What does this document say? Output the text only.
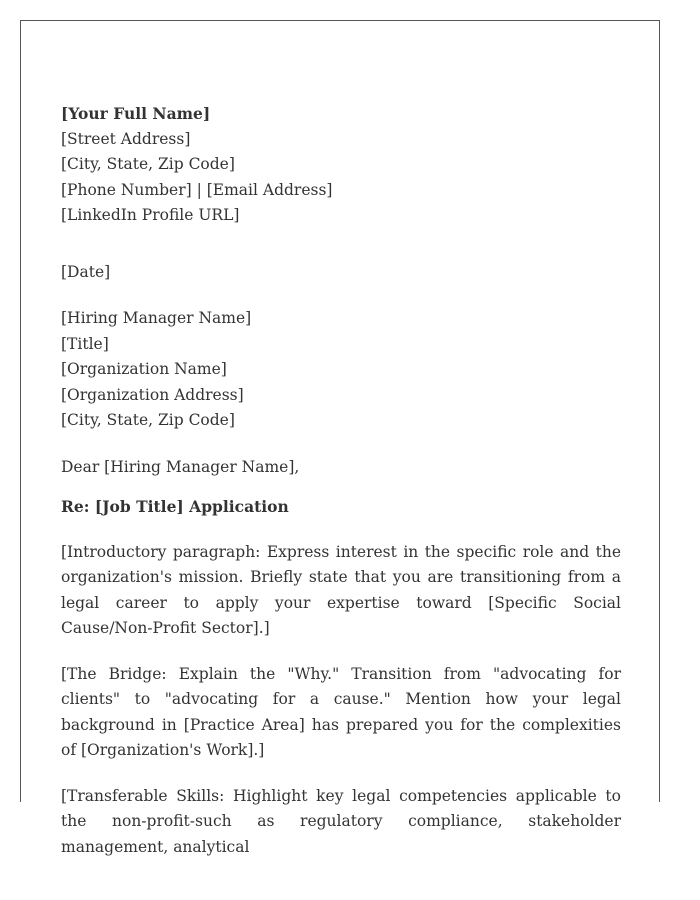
[Your Full Name]
[Street Address]
[City, State, Zip Code]
[Phone Number] | [Email Address]
[LinkedIn Profile URL]
[Date]
[Hiring Manager Name]
[Title]
[Organization Name]
[Organization Address]
[City, State, Zip Code]
Dear [Hiring Manager Name],
Re: [Job Title] Application

[Introductory paragraph: Express interest in the specific role and the organization's mission. Briefly state that you are transitioning from a legal career to apply your expertise toward [Specific Social Cause/Non-Profit Sector].]

[The Bridge: Explain the "Why." Transition from "advocating for clients" to "advocating for a cause." Mention how your legal background in [Practice Area] has prepared you for the complexities of [Organization's Work].]

[Transferable Skills: Highlight key legal competencies applicable to the non-profit-such as regulatory compliance, stakeholder management, analytical
